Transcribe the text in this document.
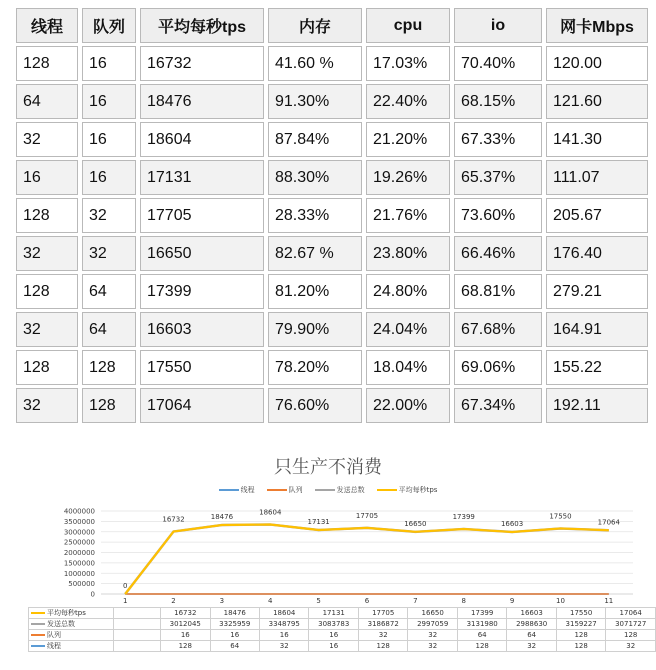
线程	队列	平均每秒tps	内存	cpu	io	网卡Mbps
128	16	16732	41.60 %	17.03%	70.40%	120.00
64	16	18476	91.30%	22.40%	68.15%	121.60
32	16	18604	87.84%	21.20%	67.33%	141.30
16	16	17131	88.30%	19.26%	65.37%	111.07
128	32	17705	28.33%	21.76%	73.60%	205.67
32	32	16650	82.67 %	23.80%	66.46%	176.40
128	64	17399	81.20%	24.80%	68.81%	279.21
32	64	16603	79.90%	24.04%	67.68%	164.91
128	128	17550	78.20%	18.04%	69.06%	155.22
32	128	17064	76.60%	22.00%	67.34%	192.11
只生产不消费
线程	队列	发送总数	平均每秒tps
4000000
3500000
3000000
2500000
2000000
1500000
1000000
500000
0
1	2	3	4	5	6	7	8	9	10	11
0
16732	18476
18604
17131
17705
16650
17399
16603
17550
17064
平均每秒tps		16732	18476	18604	17131	17705	16650	17399	16603	17550	17064
发送总数		3012045	3325959	3348795	3083783	3186872	2997059	3131980	2988630	3159227	3071727
队列		16	16	16	16	32	32	64	64	128	128
线程		128	64	32	16	128	32	128	32	128	32
